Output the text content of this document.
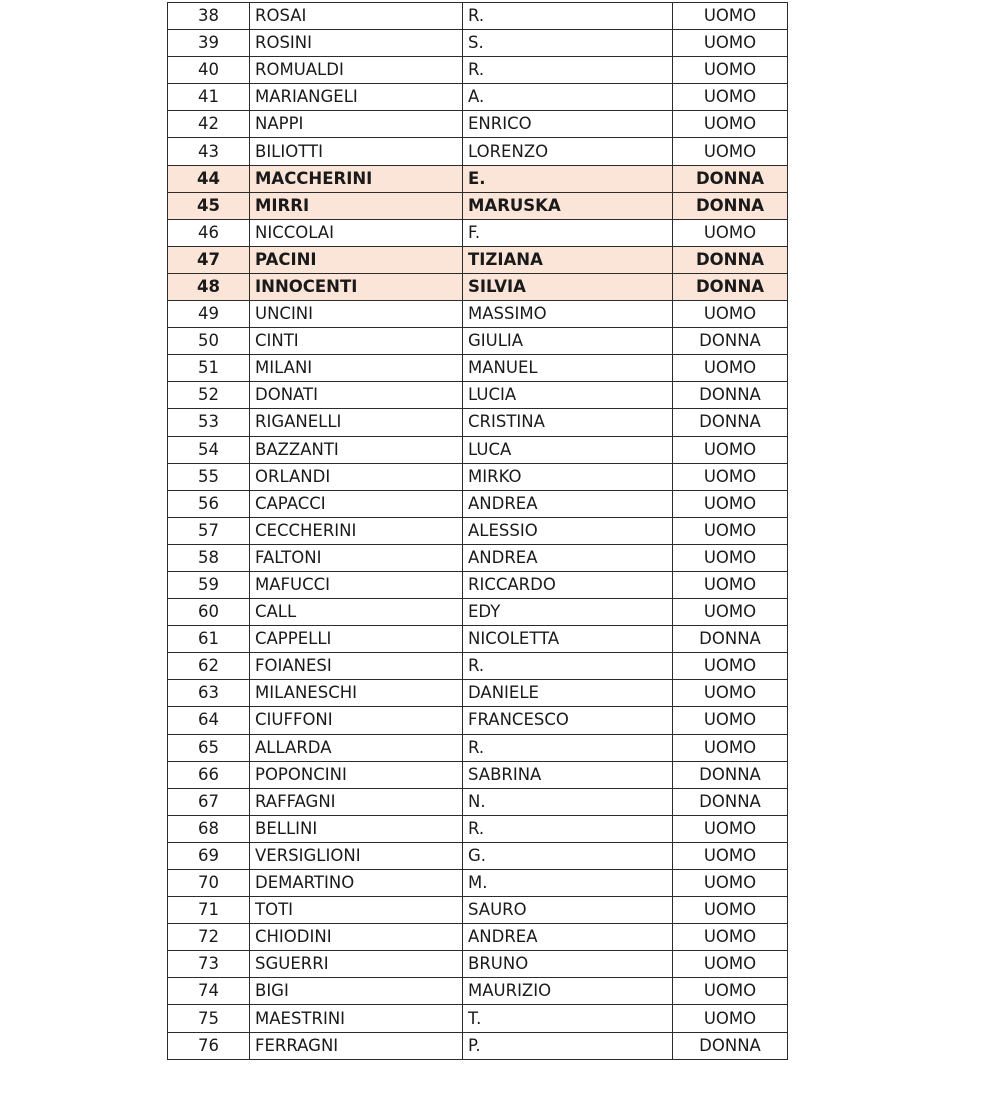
38	ROSAI	R.	UOMO
39	ROSINI	S.	UOMO
40	ROMUALDI	R.	UOMO
41	MARIANGELI	A.	UOMO
42	NAPPI	ENRICO	UOMO
43	BILIOTTI	LORENZO	UOMO
44	MACCHERINI	E.	DONNA
45	MIRRI	MARUSKA	DONNA
46	NICCOLAI	F.	UOMO
47	PACINI	TIZIANA	DONNA
48	INNOCENTI	SILVIA	DONNA
49	UNCINI	MASSIMO	UOMO
50	CINTI	GIULIA	DONNA
51	MILANI	MANUEL	UOMO
52	DONATI	LUCIA	DONNA
53	RIGANELLI	CRISTINA	DONNA
54	BAZZANTI	LUCA	UOMO
55	ORLANDI	MIRKO	UOMO
56	CAPACCI	ANDREA	UOMO
57	CECCHERINI	ALESSIO	UOMO
58	FALTONI	ANDREA	UOMO
59	MAFUCCI	RICCARDO	UOMO
60	CALL	EDY	UOMO
61	CAPPELLI	NICOLETTA	DONNA
62	FOIANESI	R.	UOMO
63	MILANESCHI	DANIELE	UOMO
64	CIUFFONI	FRANCESCO	UOMO
65	ALLARDA	R.	UOMO
66	POPONCINI	SABRINA	DONNA
67	RAFFAGNI	N.	DONNA
68	BELLINI	R.	UOMO
69	VERSIGLIONI	G.	UOMO
70	DEMARTINO	M.	UOMO
71	TOTI	SAURO	UOMO
72	CHIODINI	ANDREA	UOMO
73	SGUERRI	BRUNO	UOMO
74	BIGI	MAURIZIO	UOMO
75	MAESTRINI	T.	UOMO
76	FERRAGNI	P.	DONNA
